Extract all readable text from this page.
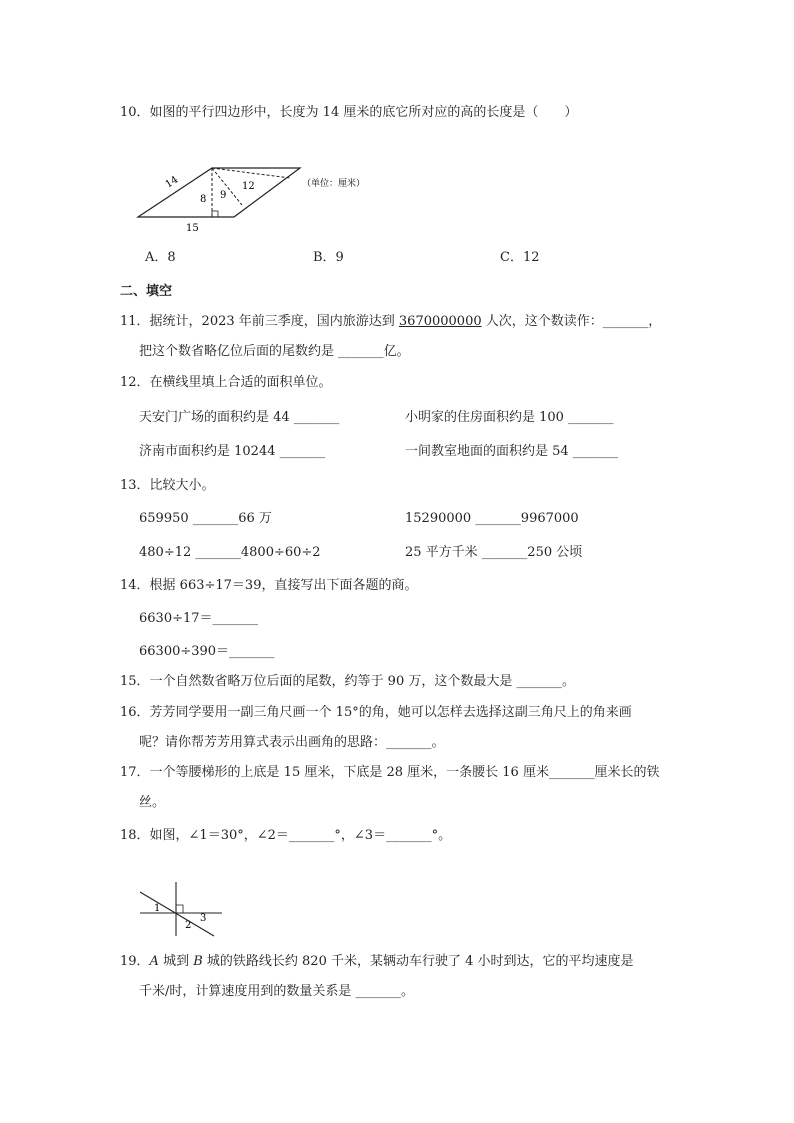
10．如图的平行四边形中，长度为 14 厘米的底它所对应的高的长度是（　　）
14
8 9
12
15
（单位：厘米）
A．8	B．9	C．12
二、填空
11．据统计，2023 年前三季度，国内旅游达到 3670000000 人次，这个数读作：_______，
把这个数省略亿位后面的尾数约是 _______亿。
12．在横线里填上合适的面积单位。
天安门广场的面积约是 44 _______	小明家的住房面积约是 100 _______
济南市面积约是 10244 _______	一间教室地面的面积约是 54 _______
13．比较大小。
659950 _______66 万	15290000 _______9967000
480÷12 _______4800÷60÷2	25 平方千米 _______250 公顷
14．根据 663÷17＝39，直接写出下面各题的商。
6630÷17＝_______
66300÷390＝_______
15．一个自然数省略万位后面的尾数，约等于 90 万，这个数最大是 _______。
16．芳芳同学要用一副三角尺画一个 15°的角，她可以怎样去选择这副三角尺上的角来画
呢？请你帮芳芳用算式表示出画角的思路：_______。
17．一个等腰梯形的上底是 15 厘米，下底是 28 厘米，一条腰长 16 厘米_______厘米长的铁
丝。
18．如图，∠1＝30°，∠2＝_______°，∠3＝_______°。
1
2
3
19．A 城到 B 城的铁路线长约 820 千米，某辆动车行驶了 4 小时到达，它的平均速度是
千米/时，计算速度用到的数量关系是 _______。
